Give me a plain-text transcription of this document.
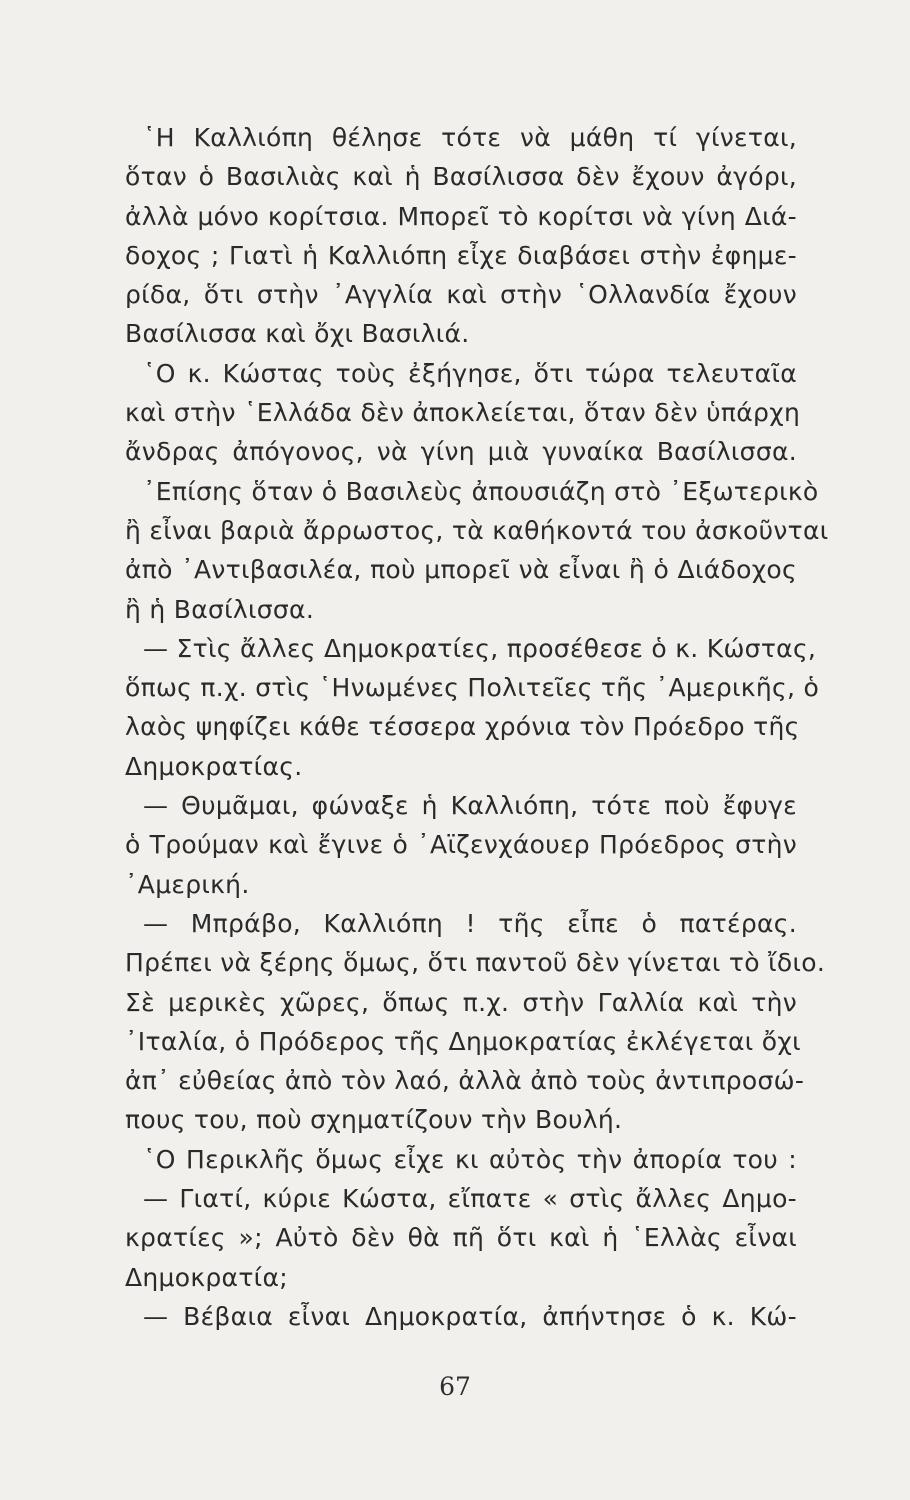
῾Η Καλλιόπη θέλησε τότε νὰ μάθη τί γίνεται,
ὅταν ὁ Βασιλιὰς καὶ ἡ Βασίλισσα δὲν ἔχουν ἀγόρι,
ἀλλὰ μόνο κορίτσια. Μπορεῖ τὸ κορίτσι νὰ γίνη Διά-
δοχος ; Γιατὶ ἡ Καλλιόπη εἶχε διαβάσει στὴν ἐφημε-
ρίδα, ὅτι στὴν ᾿Αγγλία καὶ στὴν ῾Ολλανδία ἔχουν
Βασίλισσα καὶ ὄχι Βασιλιά.
῾Ο κ. Κώστας τοὺς ἐξήγησε, ὅτι τώρα τελευταῖα
καὶ στὴν ῾Ελλάδα δὲν ἀποκλείεται, ὅταν δὲν ὑπάρχη
ἄνδρας ἀπόγονος, νὰ γίνη μιὰ γυναίκα Βασίλισσα.
᾿Επίσης ὅταν ὁ Βασιλεὺς ἀπουσιάζη στὸ ᾿Εξωτερικὸ
ἢ εἶναι βαριὰ ἄρρωστος, τὰ καθήκοντά του ἀσκοῦνται
ἀπὸ ᾿Αντιβασιλέα, ποὺ μπορεῖ νὰ εἶναι ἢ ὁ Διάδοχος
ἢ ἡ Βασίλισσα.
— Στὶς ἄλλες Δημοκρατίες, προσέθεσε ὁ κ. Κώστας,
ὅπως π.χ. στὶς ῾Ηνωμένες Πολιτεῖες τῆς ᾿Αμερικῆς, ὁ
λαὸς ψηφίζει κάθε τέσσερα χρόνια τὸν Πρόεδρο τῆς
Δημοκρατίας.
— Θυμᾶμαι, φώναξε ἡ Καλλιόπη, τότε ποὺ ἔφυγε
ὁ Τρούμαν καὶ ἔγινε ὁ ᾿Αϊζενχάουερ Πρόεδρος στὴν
᾿Αμερική.
— Μπράβο, Καλλιόπη ! τῆς εἶπε ὁ πατέρας.
Πρέπει νὰ ξέρης ὅμως, ὅτι παντοῦ δὲν γίνεται τὸ ἴδιο.
Σὲ μερικὲς χῶρες, ὅπως π.χ. στὴν Γαλλία καὶ τὴν
᾿Ιταλία, ὁ Πρόδερος τῆς Δημοκρατίας ἐκλέγεται ὄχι
ἀπ᾿ εὐθείας ἀπὸ τὸν λαό, ἀλλὰ ἀπὸ τοὺς ἀντιπροσώ-
πους του, ποὺ σχηματίζουν τὴν Βουλή.
῾Ο Περικλῆς ὅμως εἶχε κι αὐτὸς τὴν ἀπορία του :
— Γιατί, κύριε Κώστα, εἴπατε « στὶς ἄλλες Δημο-
κρατίες »; Αὐτὸ δὲν θὰ πῆ ὅτι καὶ ἡ ῾Ελλὰς εἶναι
Δημοκρατία;
— Βέβαια εἶναι Δημοκρατία, ἀπήντησε ὁ κ. Κώ-
67
